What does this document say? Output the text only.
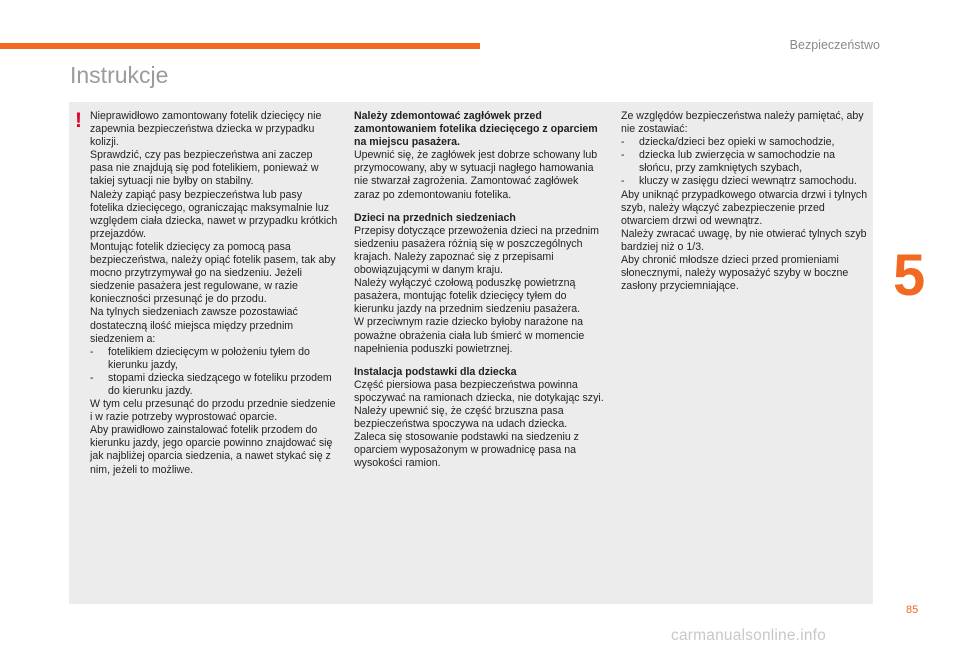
Bezpieczeństwo
Instrukcje
! Nieprawidłowo zamontowany fotelik dziecięcy nie zapewnia bezpieczeństwa dziecka w przypadku kolizji.

Sprawdzić, czy pas bezpieczeństwa ani zaczep pasa nie znajdują się pod fotelikiem, ponieważ w takiej sytuacji nie byłby on stabilny.

Należy zapiąć pasy bezpieczeństwa lub pasy fotelika dziecięcego, ograniczając maksymalnie luz względem ciała dziecka, nawet w przypadku krótkich przejazdów.

Montując fotelik dziecięcy za pomocą pasa bezpieczeństwa, należy opiąć fotelik pasem, tak aby mocno przytrzymywał go na siedzeniu. Jeżeli siedzenie pasażera jest regulowane, w razie konieczności przesunąć je do przodu.

Na tylnych siedzeniach zawsze pozostawiać dostateczną ilość miejsca między przednim siedzeniem a:

- fotelikiem dziecięcym w położeniu tyłem do kierunku jazdy,

- stopami dziecka siedzącego w foteliku przodem do kierunku jazdy.

W tym celu przesunąć do przodu przednie siedzenie i w razie potrzeby wyprostować oparcie.

Aby prawidłowo zainstalować fotelik przodem do kierunku jazdy, jego oparcie powinno znajdować się jak najbliżej oparcia siedzenia, a nawet stykać się z nim, jeżeli to możliwe.

Należy zdemontować zagłówek przed zamontowaniem fotelika dziecięcego z oparciem na miejscu pasażera.

Upewnić się, że zagłówek jest dobrze schowany lub przymocowany, aby w sytuacji nagłego hamowania nie stwarzał zagrożenia. Zamontować zagłówek zaraz po zdemontowaniu fotelika.

Dzieci na przednich siedzeniach

Przepisy dotyczące przewożenia dzieci na przednim siedzeniu pasażera różnią się w poszczególnych krajach. Należy zapoznać się z przepisami obowiązującymi w danym kraju.

Należy wyłączyć czołową poduszkę powietrzną pasażera, montując fotelik dziecięcy tyłem do kierunku jazdy na przednim siedzeniu pasażera.

W przeciwnym razie dziecko byłoby narażone na poważne obrażenia ciała lub śmierć w momencie napełnienia poduszki powietrznej.

Instalacja podstawki dla dziecka

Część piersiowa pasa bezpieczeństwa powinna spoczywać na ramionach dziecka, nie dotykając szyi.

Należy upewnić się, że część brzuszna pasa bezpieczeństwa spoczywa na udach dziecka.

Zaleca się stosowanie podstawki na siedzeniu z oparciem wyposażonym w prowadnicę pasa na wysokości ramion.

Ze względów bezpieczeństwa należy pamiętać, aby nie zostawiać:

- dziecka/dzieci bez opieki w samochodzie,

- dziecka lub zwierzęcia w samochodzie na słońcu, przy zamkniętych szybach,

- kluczy w zasięgu dzieci wewnątrz samochodu.

Aby uniknąć przypadkowego otwarcia drzwi i tylnych szyb, należy włączyć zabezpieczenie przed otwarciem drzwi od wewnątrz.

Należy zwracać uwagę, by nie otwierać tylnych szyb bardziej niż o 1/3.

Aby chronić młodsze dzieci przed promieniami słonecznymi, należy wyposażyć szyby w boczne zasłony przyciemniające.	5
85
carmanualsonline.info
